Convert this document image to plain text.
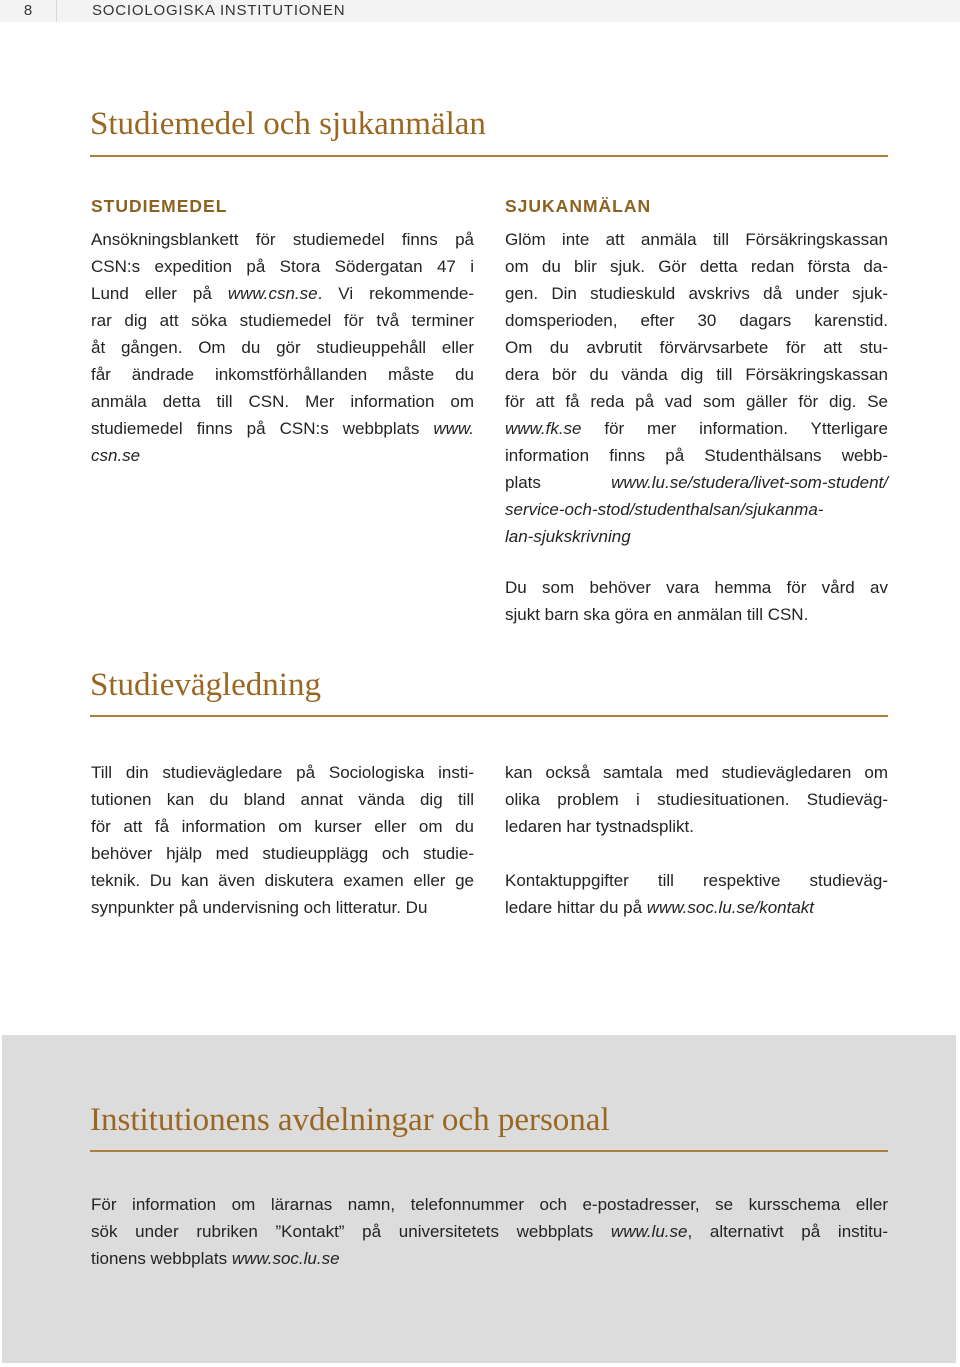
8	SOCIOLOGISKA INSTITUTIONEN
Studiemedel och sjukanmälan
STUDIEMEDEL
Ansökningsblankett för studiemedel finns på
CSN:s expedition på Stora Södergatan 47 i
Lund eller på www.csn.se. Vi rekommende-
rar dig att söka studiemedel för två terminer
åt gången. Om du gör studieuppehåll eller
får ändrade inkomstförhållanden måste du
anmäla detta till CSN. Mer information om
studiemedel finns på CSN:s webbplats www.
csn.se
SJUKANMÄLAN
Glöm inte att anmäla till Försäkringskassan
om du blir sjuk. Gör detta redan första da-
gen. Din studieskuld avskrivs då under sjuk-
domsperioden, efter 30 dagars karenstid.
Om du avbrutit förvärvsarbete för att stu-
dera bör du vända dig till Försäkringskassan
för att få reda på vad som gäller för dig. Se
www.fk.se för mer information. Ytterligare
information finns på Studenthälsans webb-
plats www.lu.se/studera/livet-som-student/
service-och-stod/studenthalsan/sjukanma-
lan-sjukskrivning
Du som behöver vara hemma för vård av
sjukt barn ska göra en anmälan till CSN.
Studievägledning
Till din studievägledare på Sociologiska insti-
tutionen kan du bland annat vända dig till
för att få information om kurser eller om du
behöver hjälp med studieupplägg och studie-
teknik. Du kan även diskutera examen eller ge
synpunkter på undervisning och litteratur. Du
kan också samtala med studievägledaren om
olika problem i studiesituationen. Studieväg-
ledaren har tystnadsplikt.
Kontaktuppgifter till respektive studieväg-
ledare hittar du på www.soc.lu.se/kontakt
Institutionens avdelningar och personal
För information om lärarnas namn, telefonnummer och e-postadresser, se kursschema eller
sök under rubriken ”Kontakt” på universitetets webbplats www.lu.se, alternativt på institu-
tionens webbplats www.soc.lu.se
